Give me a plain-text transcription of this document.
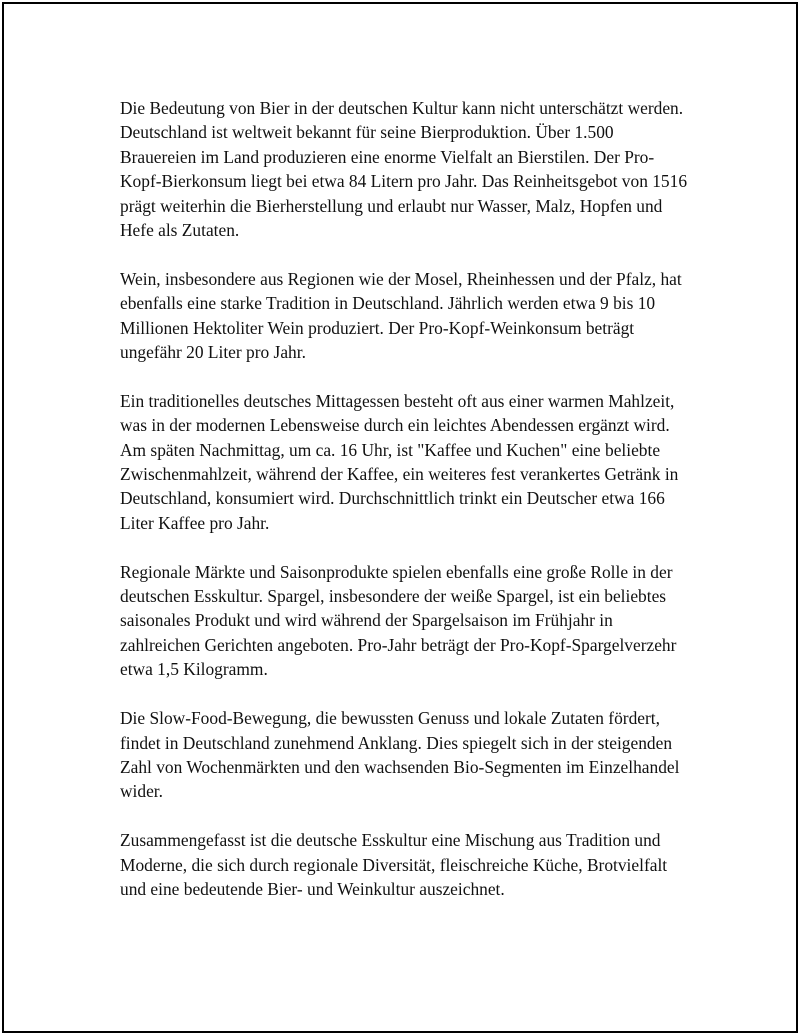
Die Bedeutung von Bier in der deutschen Kultur kann nicht unterschätzt werden. Deutschland ist weltweit bekannt für seine Bierproduktion. Über 1.500 Brauereien im Land produzieren eine enorme Vielfalt an Bierstilen. Der Pro-Kopf-Bierkonsum liegt bei etwa 84 Litern pro Jahr. Das Reinheitsgebot von 1516 prägt weiterhin die Bierherstellung und erlaubt nur Wasser, Malz, Hopfen und Hefe als Zutaten.

Wein, insbesondere aus Regionen wie der Mosel, Rheinhessen und der Pfalz, hat ebenfalls eine starke Tradition in Deutschland. Jährlich werden etwa 9 bis 10 Millionen Hektoliter Wein produziert. Der Pro-Kopf-Weinkonsum beträgt ungefähr 20 Liter pro Jahr.

Ein traditionelles deutsches Mittagessen besteht oft aus einer warmen Mahlzeit, was in der modernen Lebensweise durch ein leichtes Abendessen ergänzt wird. Am späten Nachmittag, um ca. 16 Uhr, ist "Kaffee und Kuchen" eine beliebte Zwischenmahlzeit, während der Kaffee, ein weiteres fest verankertes Getränk in Deutschland, konsumiert wird. Durchschnittlich trinkt ein Deutscher etwa 166 Liter Kaffee pro Jahr.

Regionale Märkte und Saisonprodukte spielen ebenfalls eine große Rolle in der deutschen Esskultur. Spargel, insbesondere der weiße Spargel, ist ein beliebtes saisonales Produkt und wird während der Spargelsaison im Frühjahr in zahlreichen Gerichten angeboten. Pro-Jahr beträgt der Pro-Kopf-Spargelverzehr etwa 1,5 Kilogramm.

Die Slow-Food-Bewegung, die bewussten Genuss und lokale Zutaten fördert, findet in Deutschland zunehmend Anklang. Dies spiegelt sich in der steigenden Zahl von Wochenmärkten und den wachsenden Bio-Segmenten im Einzelhandel wider.

Zusammengefasst ist die deutsche Esskultur eine Mischung aus Tradition und Moderne, die sich durch regionale Diversität, fleischreiche Küche, Brotvielfalt und eine bedeutende Bier- und Weinkultur auszeichnet.
